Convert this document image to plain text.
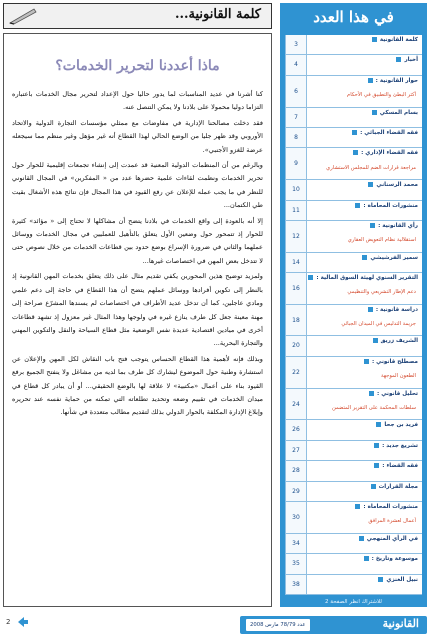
كلمة القانونية...
ماذا أعددنا لتحرير الخدمات؟

كنا أشرنا في عديد المناسبات لما يدور حاليا حول الإعداد لتحرير مجال الخدمات باعتباره التزاما دوليا محمولا على بلادنا ولا يمكن التنصل عنه.

فقد دخلت مصالحنا الإدارية في مفاوضات مع ممثلي مؤسسات التجارة الدولية والاتحاد الأوروبي وقد ظهر جليا من الوضع الحالي لهذا القطاع أنه غير مؤهل وغير منظم مما سيجعله عرضة للغزو الأجنبي».

وبالرغم من أن المنظمات الدولية المعنية قد عمدت إلى إنشاء تجمعات إقليمية للحوار حول تحرير الخدمات ونظمت لقاءات علمية حضرها عدد من « المفكرين» في المجال القانوني للنظر في ما يجب عمله للإعلان عن رفع القيود في هذا المجال فإن نتائج هذه الأشغال بقيت طي الكتمان...

إلا أنه بالعودة إلى واقع الخدمات في بلادنا يتضح أن مشاكلها لا تحتاج إلى « مؤائد» كثيرة للحوار إذ تتمحور حول وضعين الأول يتعلق بالتأهيل للعمليين في مجال الخدمات ووسائل عملهما والثاني في ضرورة الإسراع بوضع حدود بين قطاعات الخدمات من خلال نصوص حتى لا تتدخل بعض المهن في اختصاصات غيرها...

ولمزيد توضيح هذين المحورين يكفي تقديم مثال على ذلك يتعلق بخدمات المهن القانونية إذ بالنظر إلى تكوين أفرادها ووسائل عملهم يتضح أن هذا القطاع في حاجة إلى دعم علمي ومادي عاجلين، كما أن تدخل عديد الأطراف في اختصاصات لم يسندها المشرّع صراحة إلى مهنة معينة جعل كل طرف ينازع غيره في ولوجها وهذا المثال غير معزول إذ تشهد قطاعات أخرى في ميادين اقتصادية عديدة نفس الوضعية مثل قطاع السياحة والنقل والتكوين المهني والتجارة البحرية...

وبذلك فإنه لأهمية هذا القطاع الحساس يتوجب فتح باب النقاش لكل المهن والإعلان عن استشارة وطنية حول الموضوع ليشارك كل طرف بما لديه من مشاغل ولا ينفتح الجميع برفع القيود بناء على أعمال «مكتبية» لا علاقة لها بالوضع الحقيقي... أو أن يبادر كل قطاع في ميدان الخدمات في تقييم وضعه وتحديد تطلعاته التي تمكنه من حماية نفسه عند تحريره وإبلاغ الإدارة المكلفة بالحوار الدولي بذلك لتقديم مطالب متعددة في شأنها.

في هذا العدد
3
كلمة القانونية
4
أخبار
6
حوار القانونية :
أكثر البطئ والتطبيق في الأحكام
7
بسام المسكي
8
فقه القضاء الجبائي :
9
فقه القضاء الإداري :
مراجعة قرارات الضم للمجلس الاستشاري
10
محمد الرسناني
11
منشورات المحاماة :
12
رأي القانونية :
استقلالية نظام التعويض العقاري
14
سمير الفرشيشي
16
التقرير السنوي لهيئة السوق المالية :
دعم الإطار التشريعي والتنظيمي
18
دراسة قانونية :
جريمة التدليس في الميدان الجبائي
20
الشريف زريق
22
مصطلح قانوني :
الطعون الموجهة
24
تحليل قانوني :
سلطات المحكمة على التقرير المتضمن
26
فريد بن جحا
27
تشريع جديد :
28
فقه القضاء :
29
مجلة القرارات
30
منشورات المحاماة :
أعمال لعشرة المرافق
34
في الرأي المنهجي
35
موسوعة وتاريخ :
38
نبيل الغنزي
للاشتراك انظر الصفحة 2
2	عدد 78/79 مارس 2008	القانونية
